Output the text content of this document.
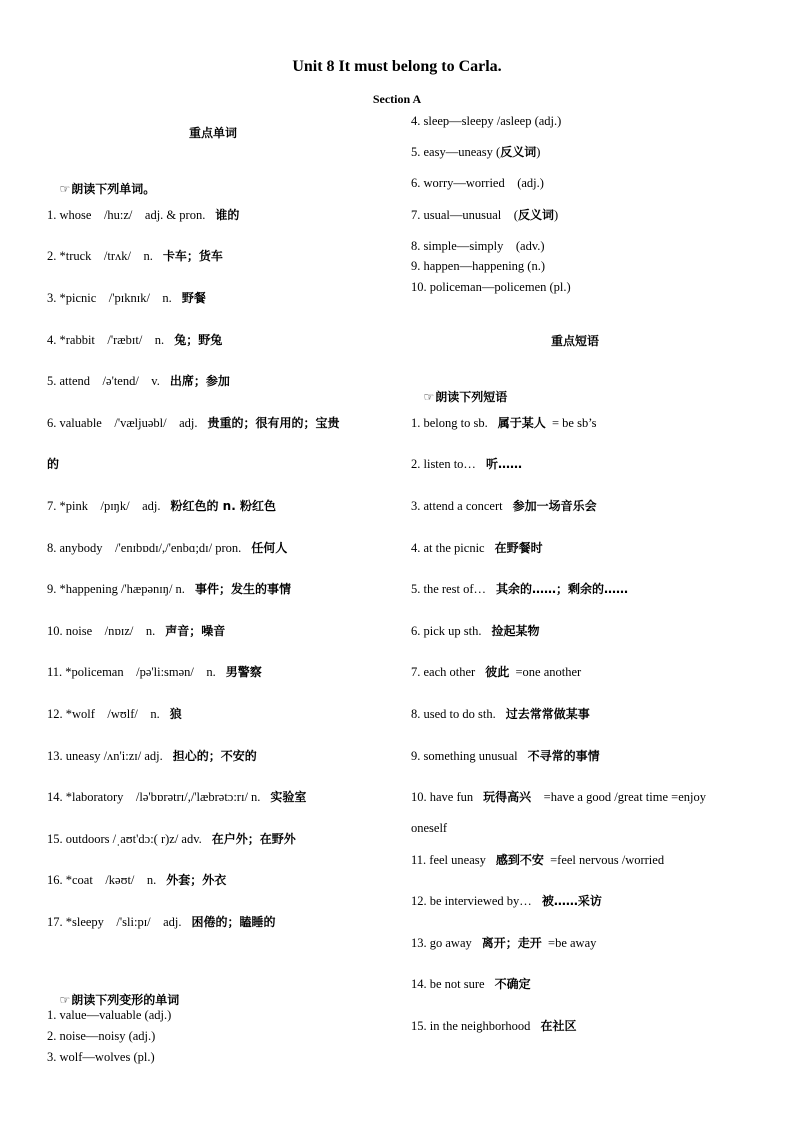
Unit 8 It must belong to Carla.
Section A
重点单词

☞朗读下列单词。

1. whose    /hu:z/    adj. & pron. 谁的
2. *truck    /trʌk/    n. 卡车；货车
3. *picnic    /'pɪknɪk/    n. 野餐
4. *rabbit    /'ræbɪt/    n. 兔；野兔
5. attend    /ə'tend/    v. 出席；参加
6. valuable    /'væljuəbl/    adj. 贵重的；很有用的；宝贵
的
7. *pink    /pɪŋk/    adj. 粉红色的 n. 粉红色
8. anybody    /'enɪbɒdɪ/,/'enbɑ;dɪ/ pron. 任何人
9. *happening /'hæpənɪŋ/ n. 事件；发生的事情
10. noise    /nɒɪz/    n. 声音；噪音
11. *policeman    /pə'li:smən/    n. 男警察
12. *wolf    /wʊlf/    n. 狼
13. uneasy /ʌn'i:zɪ/ adj. 担心的；不安的
14. *laboratory    /lə'bɒrətrɪ/,/'læbrətɔ:rɪ/ n. 实验室
15. outdoors /ˌaʊt'dɔ:( r)z/ adv. 在户外；在野外
16. *coat    /kəʊt/    n. 外套；外衣
17. *sleepy    /'sli:pɪ/    adj. 困倦的；瞌睡的

☞朗读下列变形的单词

1. value—valuable (adj.)
2. noise—noisy (adj.)
3. wolf—wolves (pl.)
4. sleep—sleepy /asleep (adj.)
5. easy—uneasy (反义词)
6. worry—worried    (adj.)
7. usual—unusual    (反义词)
8. simple—simply    (adv.)
9. happen—happening (n.)
10. policeman—policemen (pl.)
重点短语

☞朗读下列短语

1. belong to sb. 属于某人  = be sb’s
2. listen to… 听……
3. attend a concert 参加一场音乐会
4. at the picnic 在野餐时
5. the rest of… 其余的……；剩余的……
6. pick up sth. 捡起某物
7. each other 彼此  =one another
8. used to do sth. 过去常常做某事
9. something unusual 不寻常的事情
10. have fun 玩得高兴    =have a good /great time =enjoy
oneself
11. feel uneasy 感到不安  =feel nervous /worried
12. be interviewed by… 被……采访
13. go away 离开；走开  =be away
14. be not sure 不确定
15. in the neighborhood 在社区
